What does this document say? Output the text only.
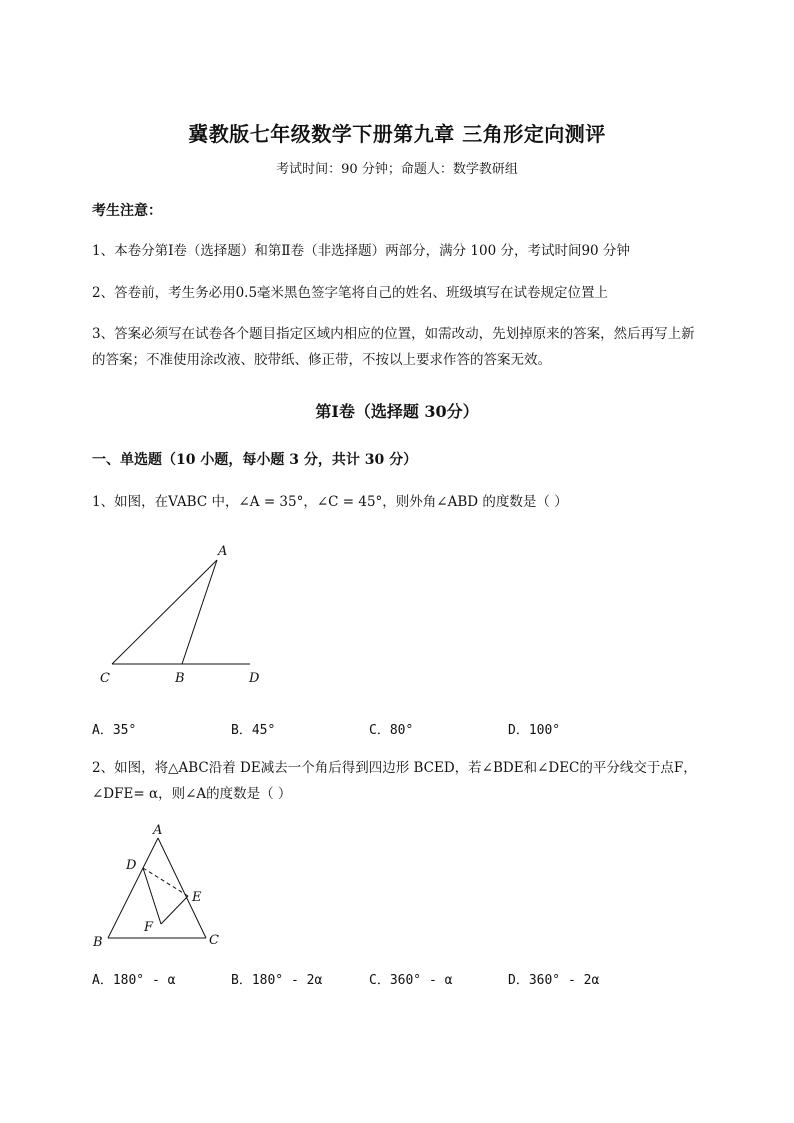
冀教版七年级数学下册第九章 三角形定向测评
考试时间：90 分钟；命题人：数学教研组
考生注意：
1、本卷分第Ⅰ卷（选择题）和第Ⅱ卷（非选择题）两部分，满分 100 分，考试时间90 分钟
2、答卷前，考生务必用0.5毫米黑色签字笔将自己的姓名、班级填写在试卷规定位置上
3、答案必须写在试卷各个题目指定区域内相应的位置，如需改动，先划掉原来的答案，然后再写上新
的答案；不准使用涂改液、胶带纸、修正带，不按以上要求作答的答案无效。
第Ⅰ卷（选择题 30分）
一、单选题（10 小题，每小题 3 分，共计 30 分）
1、如图，在VABC 中，∠A = 35°，∠C = 45°，则外角∠ABD 的度数是（ ）
A
B
C	D
A．35°	B．45°	C．80°	D．100°
2、如图，将△ABC沿着 DE减去一个角后得到四边形 BCED，若∠BDE和∠DEC的平分线交于点F，
∠DFE= α，则∠A的度数是（ ）
A
B	C
D
E
F
A．180° - α	B．180° - 2α	C．360° - α	D．360° - 2α
